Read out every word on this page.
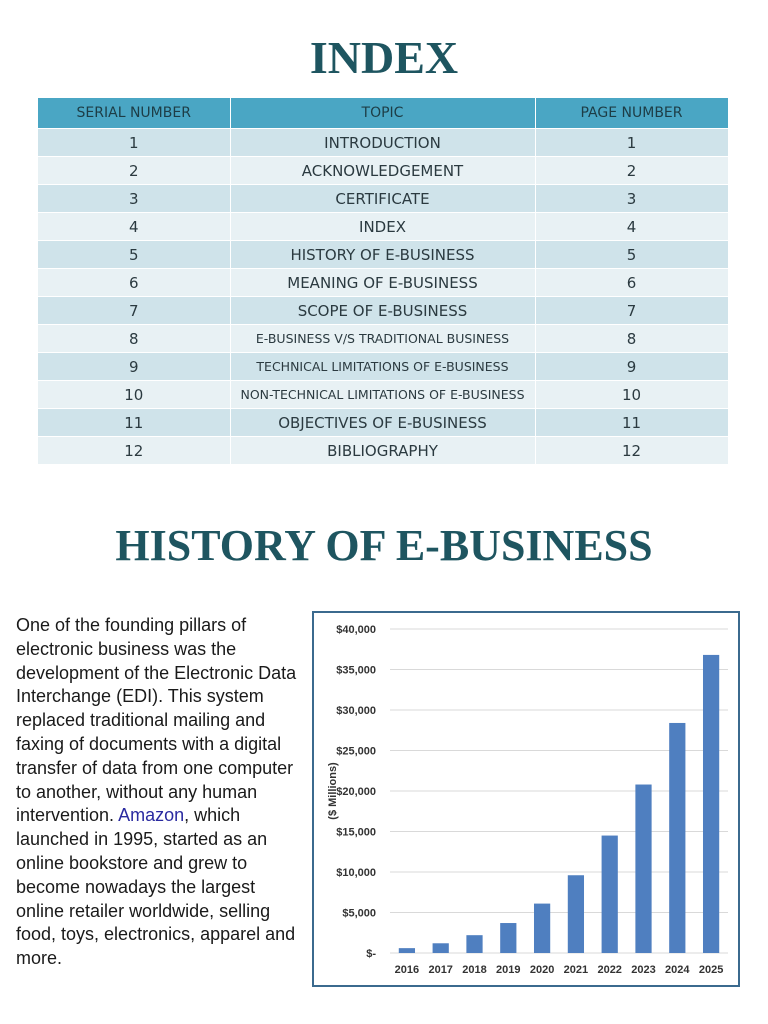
INDEX
SERIAL NUMBER	TOPIC	PAGE NUMBER
1	INTRODUCTION	1
2	ACKNOWLEDGEMENT	2
3	CERTIFICATE	3
4	INDEX	4
5	HISTORY OF E-BUSINESS	5
6	MEANING OF E-BUSINESS	6
7	SCOPE OF E-BUSINESS	7
8	E-BUSINESS V/S TRADITIONAL BUSINESS	8
9	TECHNICAL LIMITATIONS OF E-BUSINESS	9
10	NON-TECHNICAL LIMITATIONS OF E-BUSINESS	10
11	OBJECTIVES OF E-BUSINESS	11
12	BIBLIOGRAPHY	12
HISTORY OF E-BUSINESS
One of the founding pillars of electronic business was the development of the Electronic Data Interchange (EDI). This system replaced traditional mailing and faxing of documents with a digital transfer of data from one computer to another, without any human intervention. Amazon, which launched in 1995, started as an online bookstore and grew to become nowadays the largest online retailer worldwide, selling food, toys, electronics, apparel and more.	$-
$5,000
$10,000
$15,000
$20,000
$25,000
$30,000
$35,000
$40,000
($ Millions)
2016 2017 2018 2019 2020 2021 2022 2023 2024 2025
